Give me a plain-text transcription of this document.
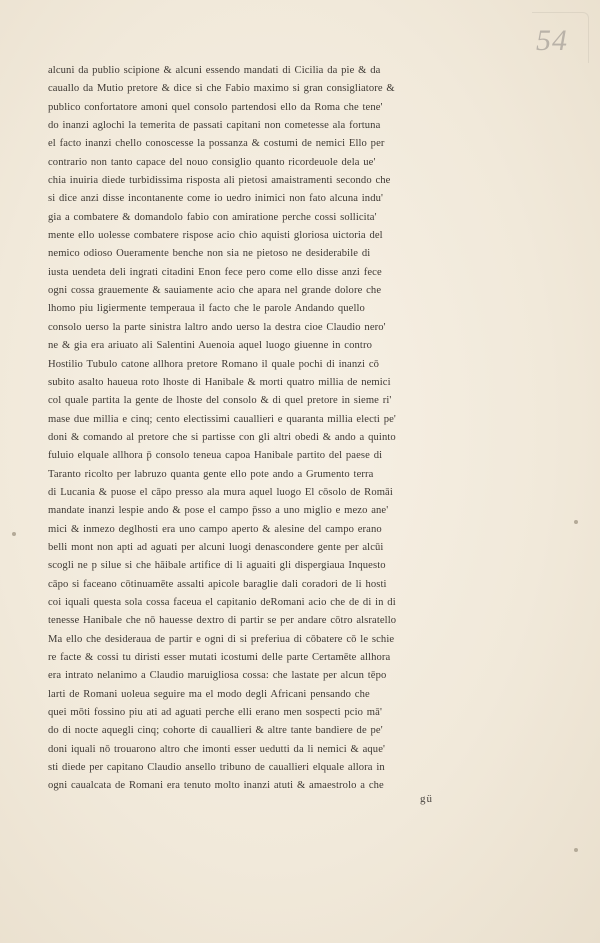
54
alcuni da publio scipione & alcuni essendo mandati di Cicilia da pie & da
cauallo da Mutio pretore & dice si che Fabio maximo si gran consigliatore &
publico confortatore amoni quel consolo partendosi ello da Roma che tene'
do inanzi aglochi la temerita de passati capitani non cometesse ala fortuna
el facto inanzi chello conoscesse la possanza & costumi de nemici Ello per
contrario non tanto capace del nouo consiglio quanto ricordeuole dela ue'
chia inuiria diede turbidissima risposta ali pietosi amaistramenti secondo che
si dice anzi disse incontanente come io uedro inimici non fato alcuna indu'
gia a combatere & domandolo fabio con amiratione perche cossi sollicita'
mente ello uolesse combatere rispose acio chio aquisti gloriosa uictoria del
nemico odioso Oueramente benche non sia ne pietoso ne desiderabile di
iusta uendeta deli ingrati citadini Enon fece pero come ello disse anzi fece
ogni cossa grauemente & sauiamente acio che apara nel grande dolore che
lhomo piu ligiermente temperaua il facto che le parole Andando quello
consolo uerso la parte sinistra laltro ando uerso la destra cioe Claudio nero'
ne & gia era ariuato ali Salentini Auenoia aquel luogo giuenne in contro
Hostilio Tubulo catone allhora pretore Romano il quale pochi di inanzi cō
subito asalto haueua roto lhoste di Hanibale & morti quatro millia de nemici
col quale partita la gente de lhoste del consolo & di quel pretore in sieme ri'
mase due millia e cinq; cento electissimi cauallieri e quaranta millia electi pe'
doni & comando al pretore che si partisse con gli altri obedi & ando a quinto
fuluio elquale allhora p̄ consolo teneua capoa Hanibale partito del paese di
Taranto ricolto per labruzo quanta gente ello pote ando a Grumento terra
di Lucania & puose el cāpo presso ala mura aquel luogo El cōsolo de Romāi
mandate inanzi lespie ando & pose el campo p̄sso a uno miglio e mezo ane'
mici & inmezo deglhosti era uno campo aperto & alesine del campo erano
belli mont non apti ad aguati per alcuni luogi denascondere gente per alcūi
scogli ne p silue si che hāibale artifice di li aguaiti gli dispergiaua Inquesto
cāpo si faceano cōtinuamēte assalti apicole baraglie dali coradori de li hosti
coi iquali questa sola cossa faceua el capitanio deRomani acio che de di in di
tenesse Hanibale che nō hauesse dextro di partir se per andare cōtro alsratello
Ma ello che desideraua de partir e ogni di si preferiua di cōbatere cō le schie
re facte & cossi tu diristi esser mutati icostumi delle parte Certamēte allhora
era intrato nelanimo a Claudio maruigliosa cossa: che lastate per alcun tēpo
larti de Romani uoleua seguire ma el modo degli Africani pensando che
quei mōti fossino piu ati ad aguati perche elli erano men sospecti pcio mā'
do di nocte aquegli cinq; cohorte di cauallieri & altre tante bandiere de pe'
doni iquali nō trouarono altro che imonti esser uedutti da li nemici & aque'
sti diede per capitano Claudio ansello tribuno de cauallieri elquale allora in
ogni caualcata de Romani era tenuto molto inanzi atuti & amaestrolo a che
gü
